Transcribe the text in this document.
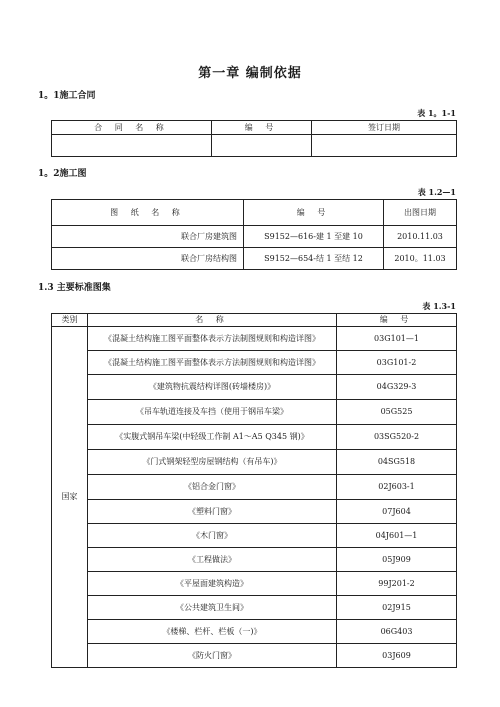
第一章 编制依据
1。1施工合同
表 1。1-1
合 同 名 称	编 号	签订日期

1。2施工图
表 1.2—1
图 纸 名 称	编 号	出图日期
联合厂房建筑图	S9152—616-建 1 至建 10	2010.11.03
联合厂房结构图	S9152—654-结 1 至结 12	2010。11.03
1.3 主要标准图集
表 1.3-1
类别	名 称	编 号
国家	《混凝土结构施工图平面整体表示方法制图规则和构造详图》	03G101—1
	《混凝土结构施工图平面整体表示方法制图规则和构造详图》	03G101-2
	《建筑物抗震结构详图(砖墙楼房)》	04G329-3
	《吊车轨道连接及车挡（使用于钢吊车梁》	05G525
	《实腹式钢吊车梁(中轻级工作制 A1～A5 Q345 钢)》	03SG520-2
	《门式钢架轻型房屋钢结构（有吊车)》	04SG518
	《铝合金门窗》	02J603-1
	《塑料门窗》	07J604
	《木门窗》	04J601—1
	《工程做法》	05J909
	《平屋面建筑构造》	99J201-2
	《公共建筑卫生间》	02J915
	《楼梯、栏杆、栏板（一)》	06G403
	《防火门窗》	03J609
